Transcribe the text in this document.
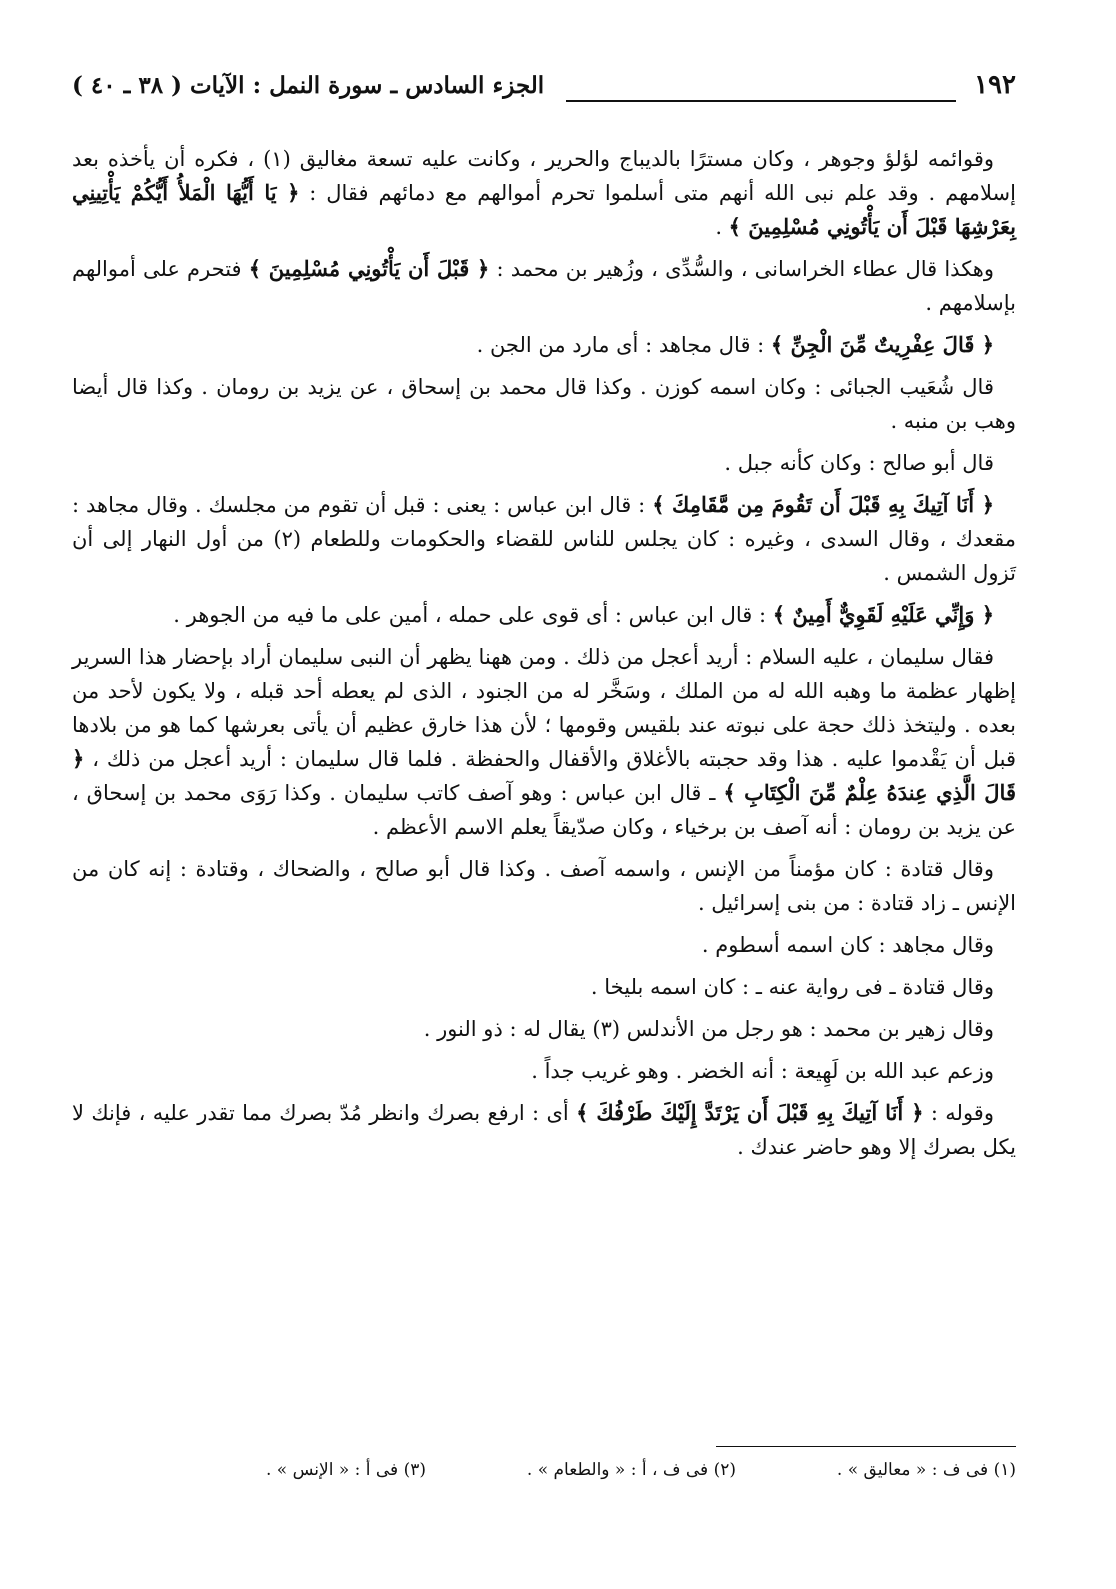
١٩٢
الجزء السادس ـ سورة النمل : الآيات ( ٣٨ ـ ٤٠ )

وقوائمه لؤلؤ وجوهر ، وكان مسترًا بالديباج والحرير ، وكانت عليه تسعة مغاليق (١) ، فكره أن يأخذه بعد إسلامهم . وقد علم نبى الله أنهم متى أسلموا تحرم أموالهم مع دمائهم فقال : ﴿ يَا أَيُّهَا الْمَلأُ أَيُّكُمْ يَأْتِينِي بِعَرْشِهَا قَبْلَ أَن يَأْتُونِي مُسْلِمِينَ ﴾ .

وهكذا قال عطاء الخراسانى ، والسُّدِّى ، وزُهير بن محمد : ﴿ قَبْلَ أَن يَأْتُونِي مُسْلِمِينَ ﴾ فتحرم على أموالهم بإسلامهم .

﴿ قَالَ عِفْرِيتٌ مِّنَ الْجِنِّ ﴾ : قال مجاهد : أى مارد من الجن .

قال شُعَيب الجبائى : وكان اسمه كوزن . وكذا قال محمد بن إسحاق ، عن يزيد بن رومان . وكذا قال أيضا وهب بن منبه .

قال أبو صالح : وكان كأنه جبل .

﴿ أَنَا آتِيكَ بِهِ قَبْلَ أَن تَقُومَ مِن مَّقَامِكَ ﴾ : قال ابن عباس : يعنى : قبل أن تقوم من مجلسك . وقال مجاهد : مقعدك ، وقال السدى ، وغيره : كان يجلس للناس للقضاء والحكومات وللطعام (٢) من أول النهار إلى أن تَزول الشمس .

﴿ وَإِنِّي عَلَيْهِ لَقَوِيٌّ أَمِينٌ ﴾ : قال ابن عباس : أى قوى على حمله ، أمين على ما فيه من الجوهر .

فقال سليمان ، عليه السلام : أريد أعجل من ذلك . ومن ههنا يظهر أن النبى سليمان أراد بإحضار هذا السرير إظهار عظمة ما وهبه الله له من الملك ، وسَخَّر له من الجنود ، الذى لم يعطه أحد قبله ، ولا يكون لأحد من بعده . وليتخذ ذلك حجة على نبوته عند بلقيس وقومها ؛ لأن هذا خارق عظيم أن يأتى بعرشها كما هو من بلادها قبل أن يَقْدموا عليه . هذا وقد حجبته بالأغلاق والأقفال والحفظة . فلما قال سليمان : أريد أعجل من ذلك ، ﴿ قَالَ الَّذِي عِندَهُ عِلْمٌ مِّنَ الْكِتَابِ ﴾ ـ قال ابن عباس : وهو آصف كاتب سليمان . وكذا رَوَى محمد بن إسحاق ، عن يزيد بن رومان : أنه آصف بن برخياء ، وكان صدّيقاً يعلم الاسم الأعظم .

وقال قتادة : كان مؤمناً من الإنس ، واسمه آصف . وكذا قال أبو صالح ، والضحاك ، وقتادة : إنه كان من الإنس ـ زاد قتادة : من بنى إسرائيل .

وقال مجاهد : كان اسمه أسطوم .

وقال قتادة ـ فى رواية عنه ـ : كان اسمه بليخا .

وقال زهير بن محمد : هو رجل من الأندلس (٣) يقال له : ذو النور .

وزعم عبد الله بن لَهِيعة : أنه الخضر . وهو غريب جداً .

وقوله : ﴿ أَنَا آتِيكَ بِهِ قَبْلَ أَن يَرْتَدَّ إِلَيْكَ طَرْفُكَ ﴾ أى : ارفع بصرك وانظر مُدّ بصرك مما تقدر عليه ، فإنك لا يكل بصرك إلا وهو حاضر عندك .

(١) فى ف : « معاليق » .
(٢) فى ف ، أ : « والطعام » .
(٣) فى أ : « الإنس » .
